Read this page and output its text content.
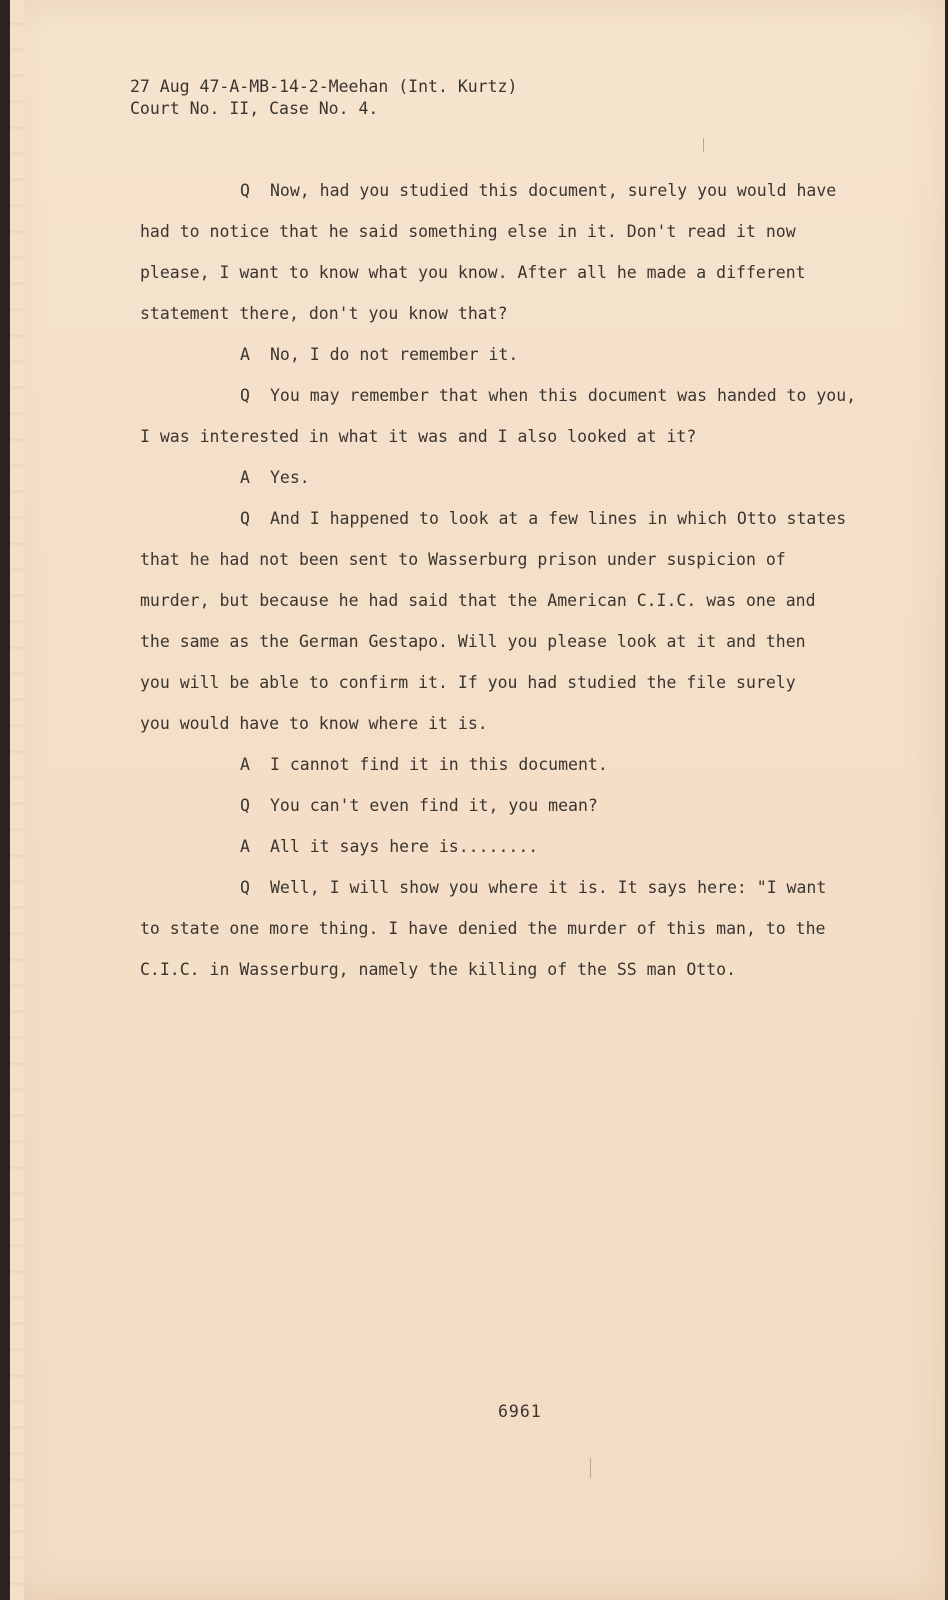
27 Aug 47-A-MB-14-2-Meehan (Int. Kurtz)
Court No. II, Case No. 4.
Q Now, had you studied this document, surely you would have
had to notice that he said something else in it. Don't read it now
please, I want to know what you know. After all he made a different
statement there, don't you know that?
A No, I do not remember it.
Q You may remember that when this document was handed to you,
I was interested in what it was and I also looked at it?
A Yes.
Q And I happened to look at a few lines in which Otto states
that he had not been sent to Wasserburg prison under suspicion of
murder, but because he had said that the American C.I.C. was one and
the same as the German Gestapo. Will you please look at it and then
you will be able to confirm it. If you had studied the file surely
you would have to know where it is.
A I cannot find it in this document.
Q You can't even find it, you mean?
A All it says here is........
Q Well, I will show you where it is. It says here: "I want
to state one more thing. I have denied the murder of this man, to the
C.I.C. in Wasserburg, namely the killing of the SS man Otto.
6961
